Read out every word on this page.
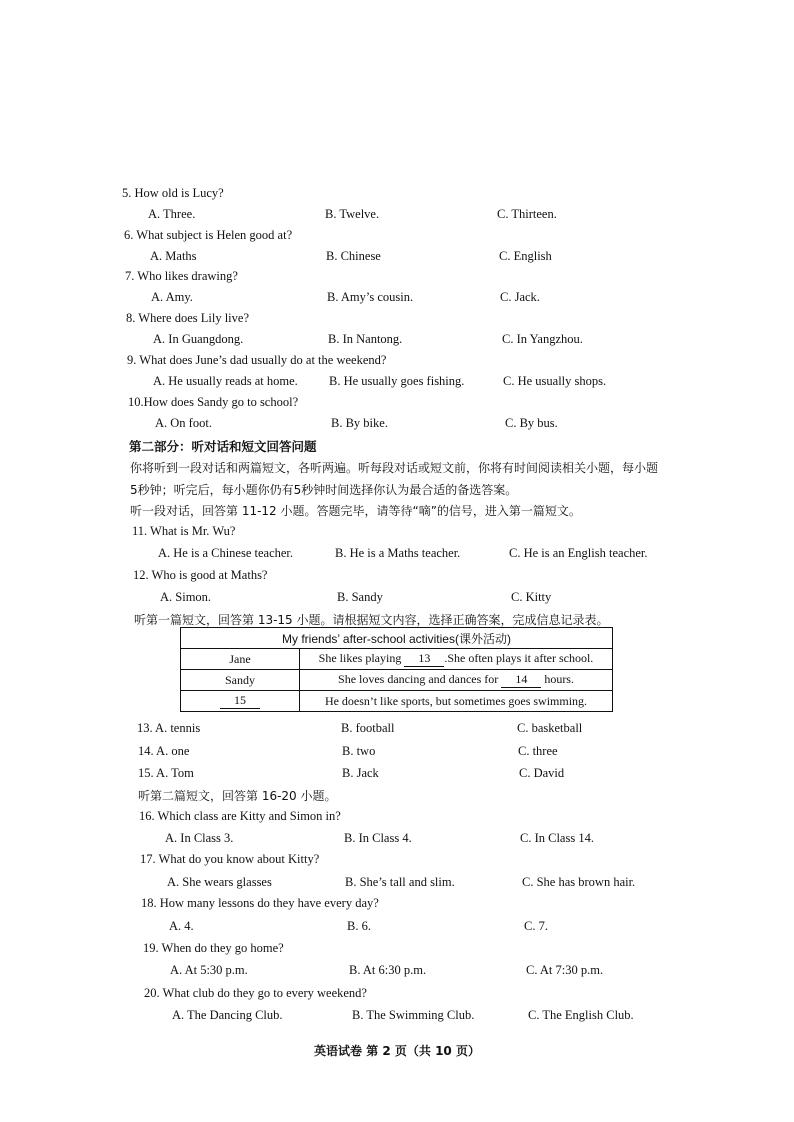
5. How old is Lucy?
A. Three.	B. Twelve.	C. Thirteen.
6. What subject is Helen good at?
A. Maths	B. Chinese	C. English
7. Who likes drawing?
A. Amy.	B. Amy’s cousin.	C. Jack.
8. Where does Lily live?
A. In Guangdong.	B. In Nantong.	C. In Yangzhou.
9. What does June’s dad usually do at the weekend?
A. He usually reads at home. B. He usually goes fishing.	C. He usually shops.
10.How does Sandy go to school?
A. On foot.	B. By bike.	C. By bus.
第二部分：听对话和短文回答问题
你将听到一段对话和两篇短文，各听两遍。听每段对话或短文前，你将有时间阅读相关小题，每小题
5秒钟；听完后，每小题你仍有5秒钟时间选择你认为最合适的备选答案。
听一段对话，回答第 11-12 小题。答题完毕，请等待“嘀”的信号，进入第一篇短文。
11. What is Mr. Wu?
A. He is a Chinese teacher.	B. He is a Maths teacher.	C. He is an English teacher.
12. Who is good at Maths?
A. Simon.	B. Sandy	C. Kitty
听第一篇短文，回答第 13-15 小题。请根据短文内容，选择正确答案，完成信息记录表。
My friends’ after-school activities(课外活动)	
Jane	She likes playing 13 .She often plays it after school.
Sandy	She loves dancing and dances for 14 hours.
15	He doesn’t like sports, but sometimes goes swimming.
13. A. tennis	B. football	C. basketball
14. A. one	B. two	C. three
15. A. Tom	B. Jack	C. David
听第二篇短文，回答第 16-20 小题。
16. Which class are Kitty and Simon in?
A. In Class 3.	B. In Class 4.	C. In Class 14.
17. What do you know about Kitty?
A. She wears glasses	B. She’s tall and slim.	C. She has brown hair.
18. How many lessons do they have every day?
A. 4.	B. 6.	C. 7.
19. When do they go home?
A. At 5:30 p.m.	B. At 6:30 p.m.	C. At 7:30 p.m.
20. What club do they go to every weekend?
A. The Dancing Club.	B. The Swimming Club.	C. The English Club.
英语试卷 第 2 页（共 10 页）
